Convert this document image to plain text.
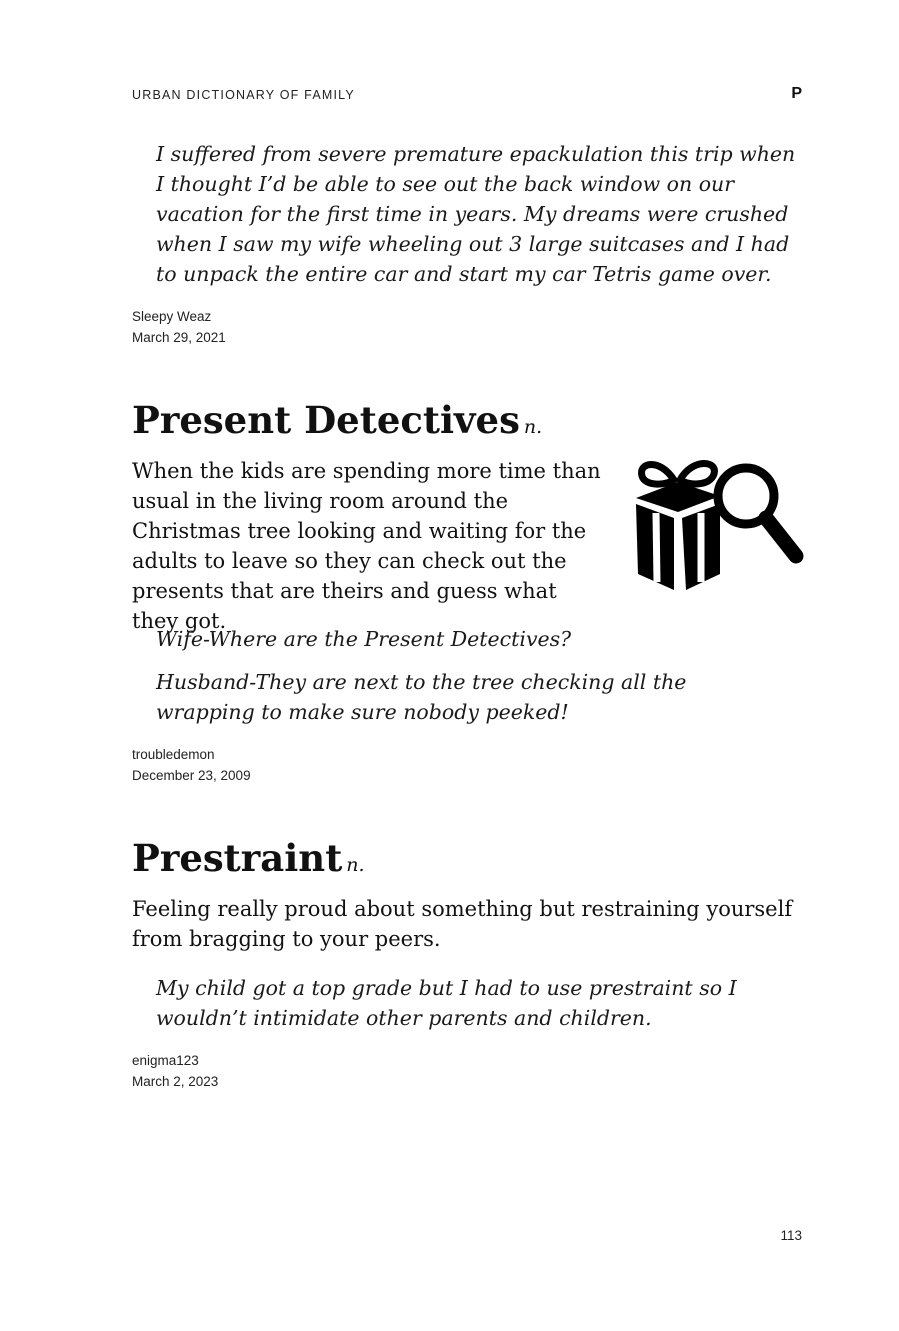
URBAN DICTIONARY OF FAMILY	P

I suffered from severe premature epackulation this trip when I thought I’d be able to see out the back window on our vacation for the first time in years. My dreams were crushed when I saw my wife wheeling out 3 large suitcases and I had to unpack the entire car and start my car Tetris game over.

Sleepy Weaz
March 29, 2021
Present Detectives n.

When the kids are spending more time than usual in the living room around the Christmas tree looking and waiting for the adults to leave so they can check out the presents that are theirs and guess what they got.

Wife-Where are the Present Detectives?

Husband-They are next to the tree checking all the wrapping to make sure nobody peeked!

troubledemon
December 23, 2009
Prestraint n.

Feeling really proud about something but restraining yourself from bragging to your peers.

My child got a top grade but I had to use prestraint so I wouldn’t intimidate other parents and children.

enigma123
March 2, 2023
113
